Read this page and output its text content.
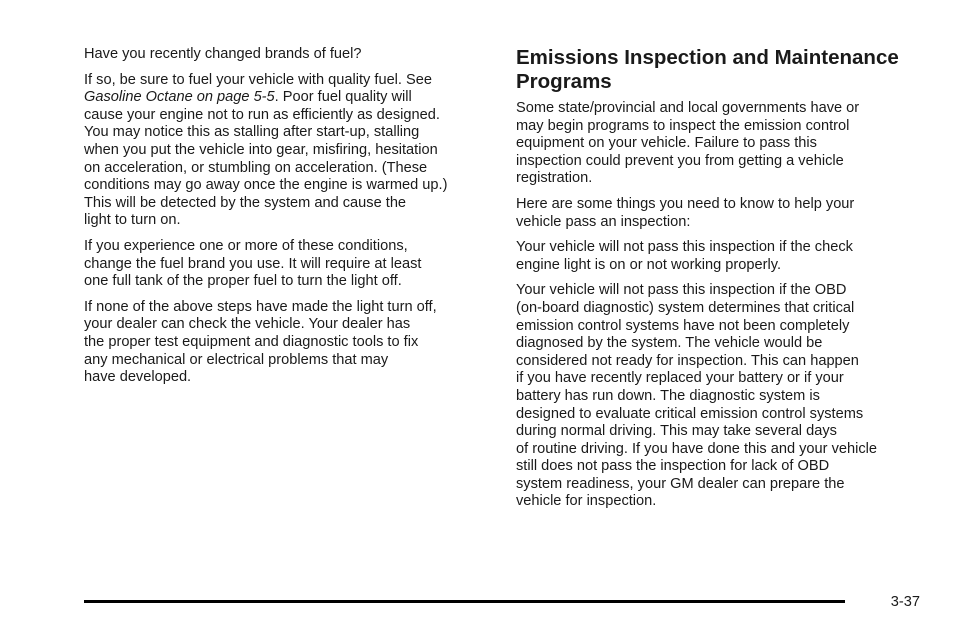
Have you recently changed brands of fuel?

If so, be sure to fuel your vehicle with quality fuel. See
Gasoline Octane on page 5-5. Poor fuel quality will
cause your engine not to run as efficiently as designed.
You may notice this as stalling after start-up, stalling
when you put the vehicle into gear, misfiring, hesitation
on acceleration, or stumbling on acceleration. (These
conditions may go away once the engine is warmed up.)
This will be detected by the system and cause the
light to turn on.

If you experience one or more of these conditions,
change the fuel brand you use. It will require at least
one full tank of the proper fuel to turn the light off.

If none of the above steps have made the light turn off,
your dealer can check the vehicle. Your dealer has
the proper test equipment and diagnostic tools to fix
any mechanical or electrical problems that may
have developed.

Emissions Inspection and Maintenance
Programs

Some state/provincial and local governments have or
may begin programs to inspect the emission control
equipment on your vehicle. Failure to pass this
inspection could prevent you from getting a vehicle
registration.

Here are some things you need to know to help your
vehicle pass an inspection:

Your vehicle will not pass this inspection if the check
engine light is on or not working properly.

Your vehicle will not pass this inspection if the OBD
(on-board diagnostic) system determines that critical
emission control systems have not been completely
diagnosed by the system. The vehicle would be
considered not ready for inspection. This can happen
if you have recently replaced your battery or if your
battery has run down. The diagnostic system is
designed to evaluate critical emission control systems
during normal driving. This may take several days
of routine driving. If you have done this and your vehicle
still does not pass the inspection for lack of OBD
system readiness, your GM dealer can prepare the
vehicle for inspection.

3-37
